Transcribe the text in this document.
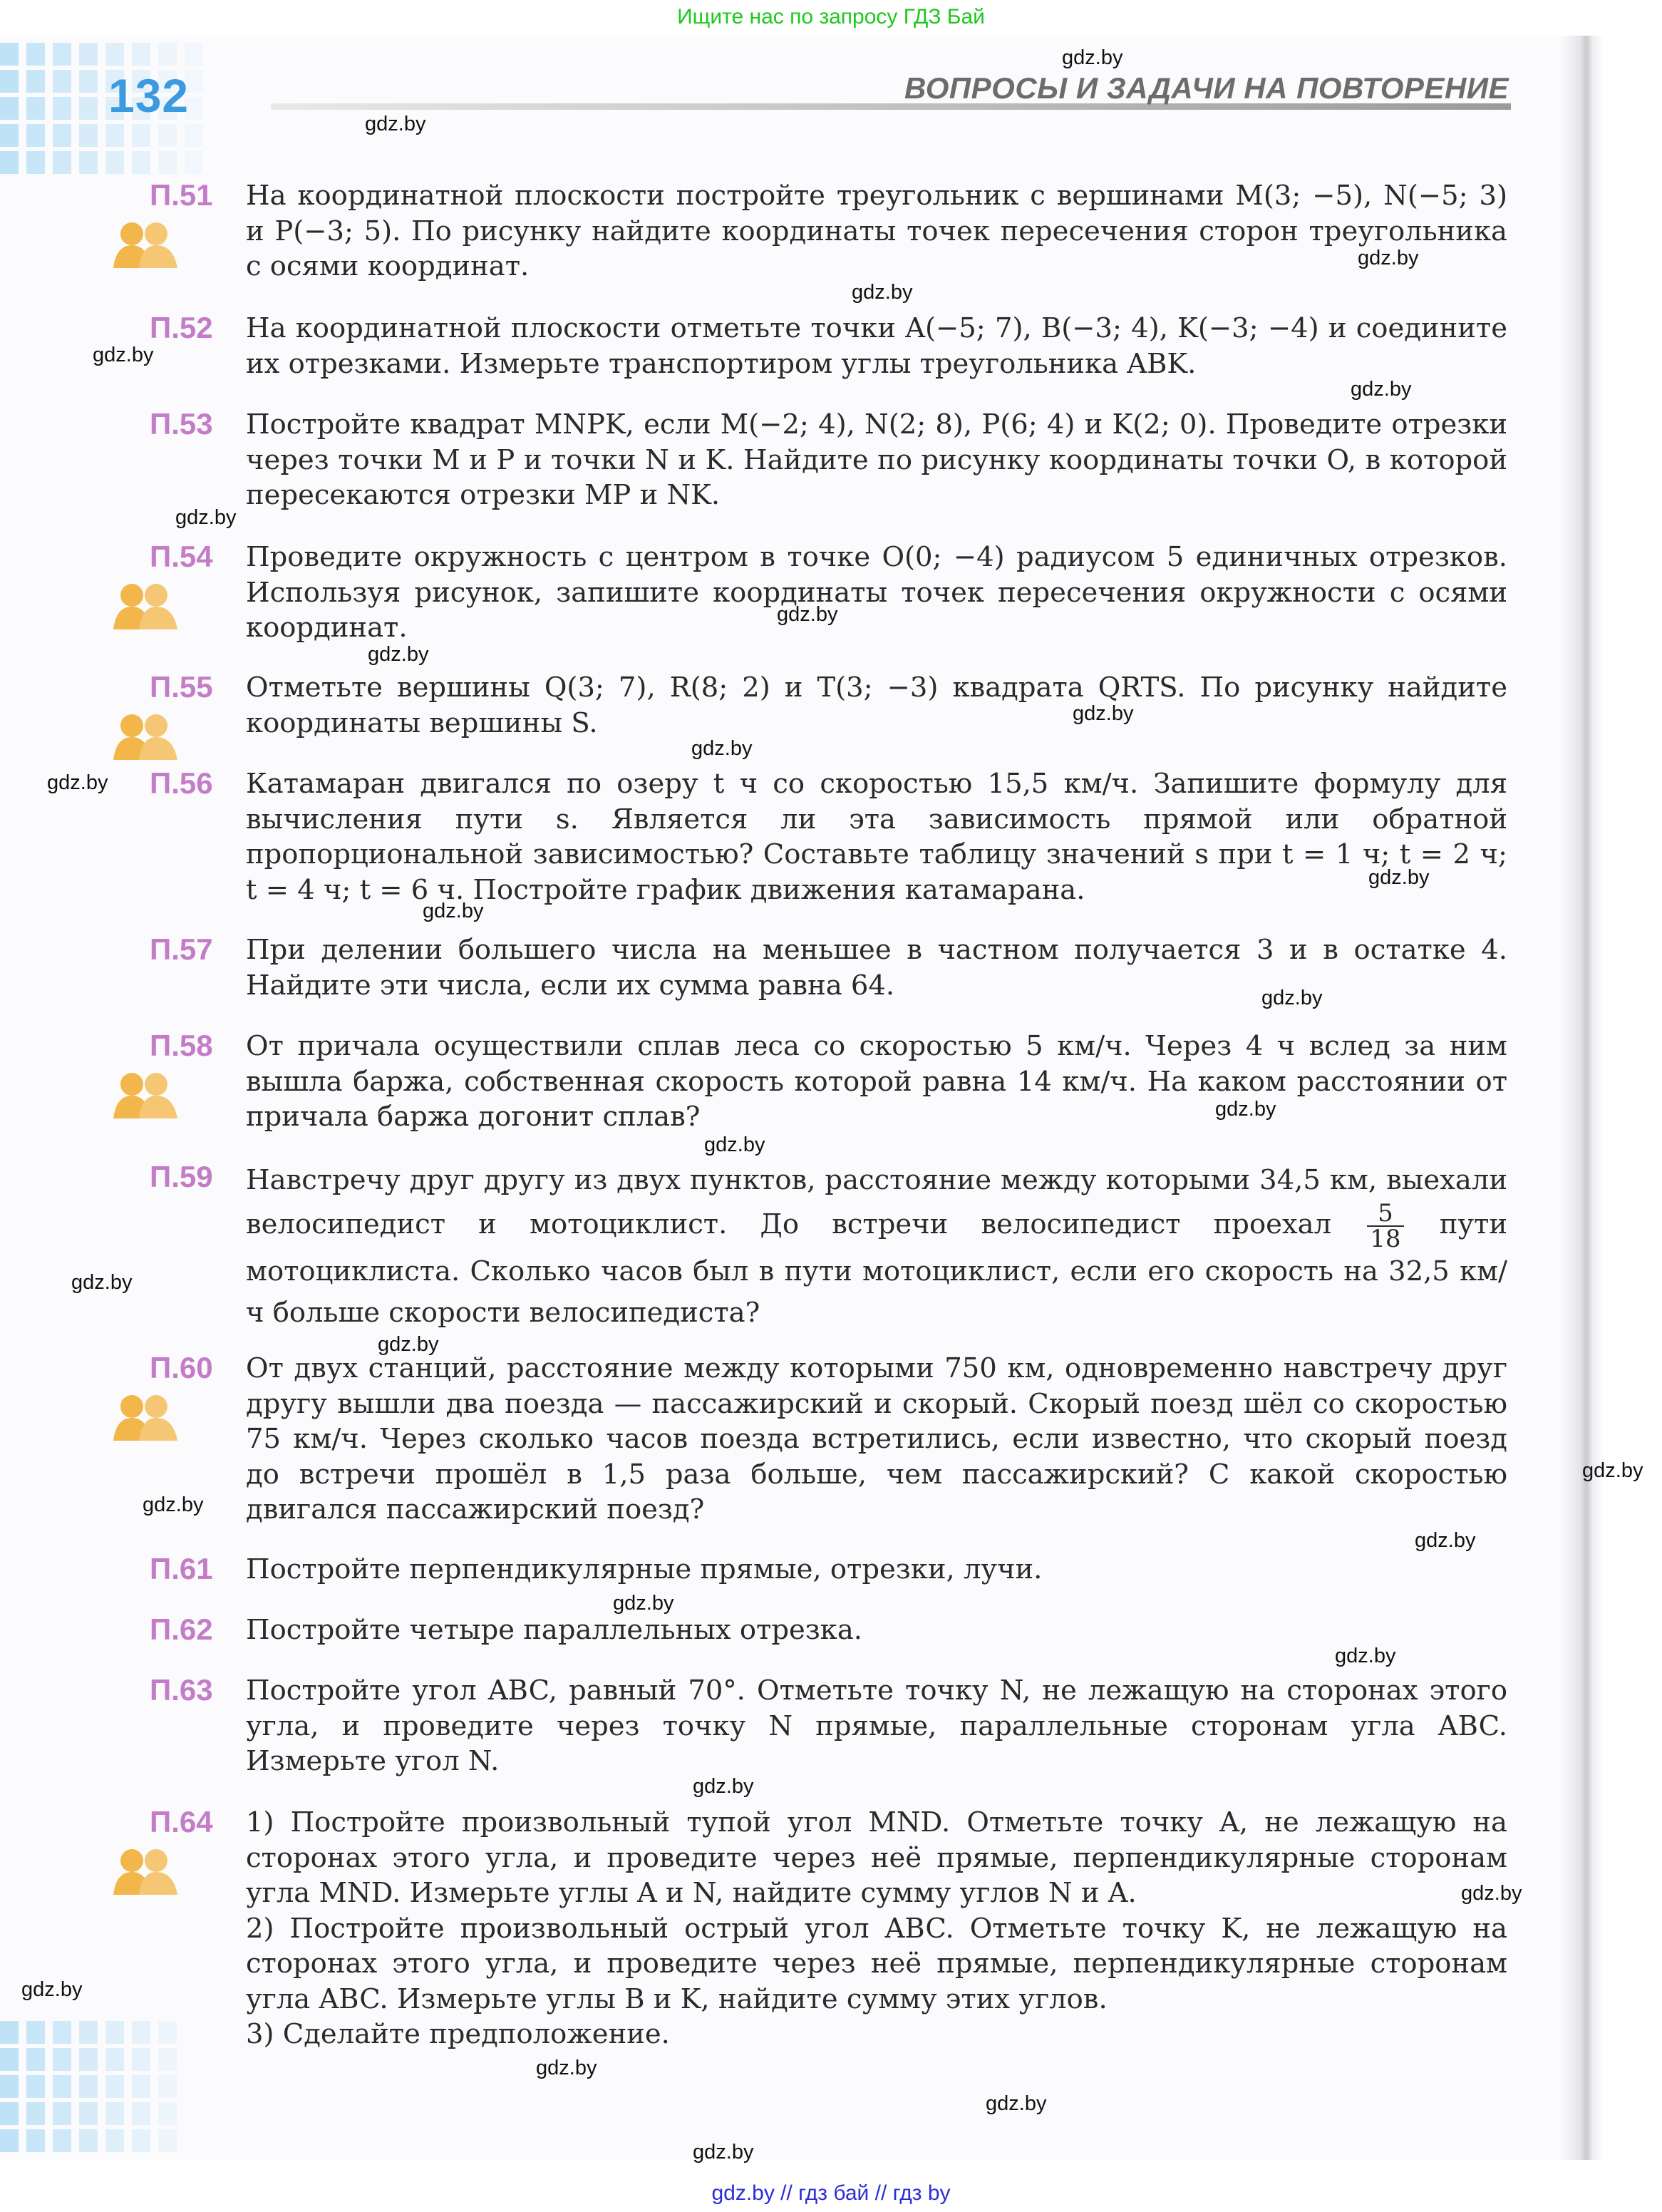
Ищите нас по запросу ГДЗ Бай
132	ВОПРОСЫ И ЗАДАЧИ НА ПОВТОРЕНИЕ
П.51 На координатной плоскости постройте треугольник с вершинами M(3; −5), N(−5; 3) и P(−3; 5). По рисунку найдите координаты точек пересечения сторон треугольника с осями координат.

П.52 На координатной плоскости отметьте точки A(−5; 7), B(−3; 4), K(−3; −4) и соедините их отрезками. Измерьте транспортиром углы треугольника ABK.

П.53 Постройте квадрат MNPK, если M(−2; 4), N(2; 8), P(6; 4) и K(2; 0). Проведите отрезки через точки M и P и точки N и K. Найдите по рисунку координаты точки O, в которой пересекаются отрезки MP и NK.

П.54 Проведите окружность с центром в точке O(0; −4) радиусом 5 единичных отрезков. Используя рисунок, запишите координаты точек пересечения окружности с осями координат.

П.55 Отметьте вершины Q(3; 7), R(8; 2) и T(3; −3) квадрата QRTS. По рисунку найдите координаты вершины S.

П.56 Катамаран двигался по озеру t ч со скоростью 15,5 км/ч. Запишите формулу для вычисления пути s. Является ли эта зависимость прямой или обратной пропорциональной зависимостью? Составьте таблицу значений s при t = 1 ч; t = 2 ч; t = 4 ч; t = 6 ч. Постройте график движения катамарана.

П.57 При делении большего числа на меньшее в частном получается 3 и в остатке 4. Найдите эти числа, если их сумма равна 64.

П.58 От причала осуществили сплав леса со скоростью 5 км/ч. Через 4 ч вслед за ним вышла баржа, собственная скорость которой равна 14 км/ч. На каком расстоянии от причала баржа догонит сплав?

П.59 Навстречу друг другу из двух пунктов, расстояние между которыми 34,5 км, выехали велосипедист и мотоциклист. До встречи велосипедист проехал $\frac{5}{18}$ пути мотоциклиста. Сколько часов был в пути мотоциклист, если его скорость на 32,5 км/ч больше скорости велосипедиста?

П.60 От двух станций, расстояние между которыми 750 км, одновременно навстречу друг другу вышли два поезда — пассажирский и скорый. Скорый поезд шёл со скоростью 75 км/ч. Через сколько часов поезда встретились, если известно, что скорый поезд до встречи прошёл в 1,5 раза больше, чем пассажирский? С какой скоростью двигался пассажирский поезд?

П.61 Постройте перпендикулярные прямые, отрезки, лучи.

П.62 Постройте четыре параллельных отрезка.

П.63 Постройте угол ABC, равный 70°. Отметьте точку N, не лежащую на сторонах этого угла, и проведите через точку N прямые, параллельные сторонам угла ABC. Измерьте угол N.

П.64 1) Постройте произвольный тупой угол MND. Отметьте точку A, не лежащую на сторонах этого угла, и проведите через неё прямые, перпендикулярные сторонам угла MND. Измерьте углы A и N, найдите сумму углов N и A.

2) Постройте произвольный острый угол ABC. Отметьте точку K, не лежащую на сторонах этого угла, и проведите через неё прямые, перпендикулярные сторонам угла ABC. Измерьте углы B и K, найдите сумму этих углов.

3) Сделайте предположение.

gdz.by
gdz.by
gdz.by
gdz.by
gdz.by
gdz.by
gdz.by
gdz.by
gdz.by
gdz.by
gdz.by
gdz.by
gdz.by
gdz.by
gdz.by
gdz.by
gdz.by
gdz.by
gdz.by
gdz.by
gdz.by
gdz.by
gdz.by
gdz.by
gdz.by
gdz.by
gdz.by
gdz.by
gdz.by
gdz.by
gdz.by // гдз бай // гдз by
